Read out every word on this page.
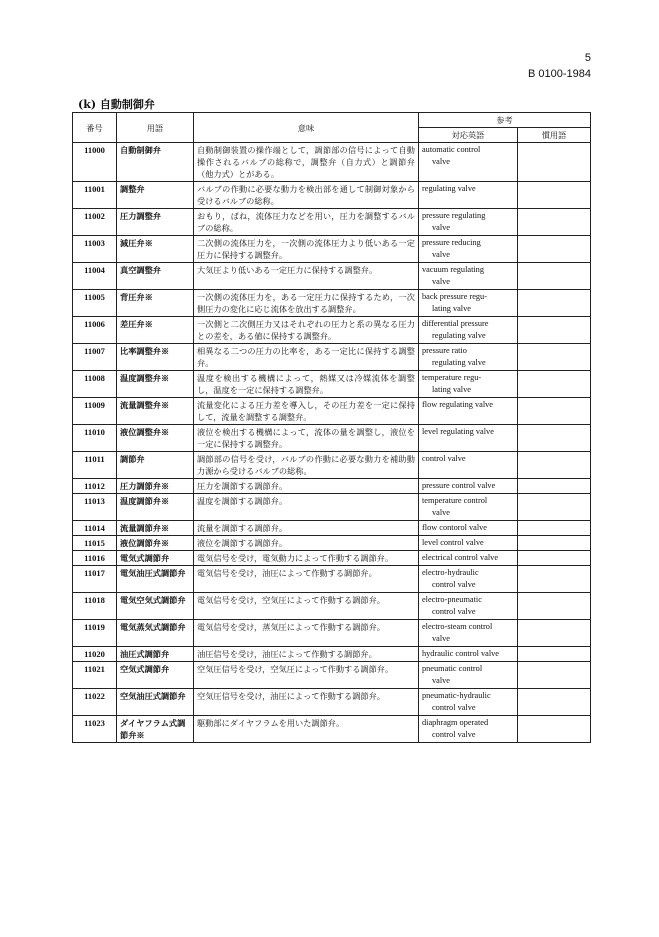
5
B 0100-1984
(k) 自動制御弁
番号	用語	意味	参考	
			対応英語	慣用語
11000	自動制御弁	自動制御装置の操作端として，調節部の信号によって自動操作されるバルブの総称で，調整弁（自力式）と調節弁（他力式）とがある。	automatic control
valve	

11001	調整弁	バルブの作動に必要な動力を検出部を通して制御対象から受けるバルブの総称。	regulating valve	

11002	圧力調整弁	おもり，ばね，流体圧力などを用い，圧力を調整するバルブの総称。	pressure regulating
valve	

11003	減圧弁※	二次側の流体圧力を，一次側の流体圧力より低いある一定圧力に保持する調整弁。	pressure reducing
valve	

11004	真空調整弁	大気圧より低いある一定圧力に保持する調整弁。	vacuum regulating
valve	

11005	背圧弁※	一次側の流体圧力を，ある一定圧力に保持するため，一次側圧力の変化に応じ流体を放出する調整弁。	back pressure regu-
lating valve	

11006	差圧弁※	一次側と二次側圧力又はそれぞれの圧力と系の異なる圧力との差を，ある値に保持する調整弁。	differential pressure
regulating valve	

11007	比率調整弁※	相異なる二つの圧力の比率を，ある一定比に保持する調整弁。	pressure ratio
regulating valve	

11008	温度調整弁※	温度を検出する機構によって，熱媒又は冷媒流体を調整し，温度を一定に保持する調整弁。	temperature regu-
lating valve	

11009	流量調整弁※	流量変化による圧力差を導入し，その圧力差を一定に保持して，流量を調整する調整弁。	flow regulating valve	

11010	液位調整弁※	液位を検出する機構によって，流体の量を調整し，液位を一定に保持する調整弁。	level regulating valve	

11011	調節弁	調節部の信号を受け，バルブの作動に必要な動力を補助動力源から受けるバルブの総称。	control valve	

11012	圧力調節弁※	圧力を調節する調節弁。	pressure control valve	

11013	温度調節弁※	温度を調節する調節弁。	temperature control
valve	

11014	流量調節弁※	流量を調節する調節弁。	flow contorol valve	

11015	液位調節弁※	液位を調節する調節弁。	level control valve	

11016	電気式調節弁	電気信号を受け，電気動力によって作動する調節弁。	electrical control valve	

11017	電気油圧式調節弁	電気信号を受け，油圧によって作動する調節弁。	electro-hydraulic
control valve	

11018	電気空気式調節弁	電気信号を受け，空気圧によって作動する調節弁。	electro-pneumatic
control valve	

11019	電気蒸気式調節弁	電気信号を受け，蒸気圧によって作動する調節弁。	electro-steam control
valve	

11020	油圧式調節弁	油圧信号を受け，油圧によって作動する調節弁。	hydraulic control valve	

11021	空気式調節弁	空気圧信号を受け，空気圧によって作動する調節弁。	pneumatic control
valve	

11022	空気油圧式調節弁	空気圧信号を受け，油圧によって作動する調節弁。	pneumatic-hydraulic
control valve	

11023	ダイヤフラム式調節弁※	駆動部にダイヤフラムを用いた調節弁。	diaphragm operated
control valve	
